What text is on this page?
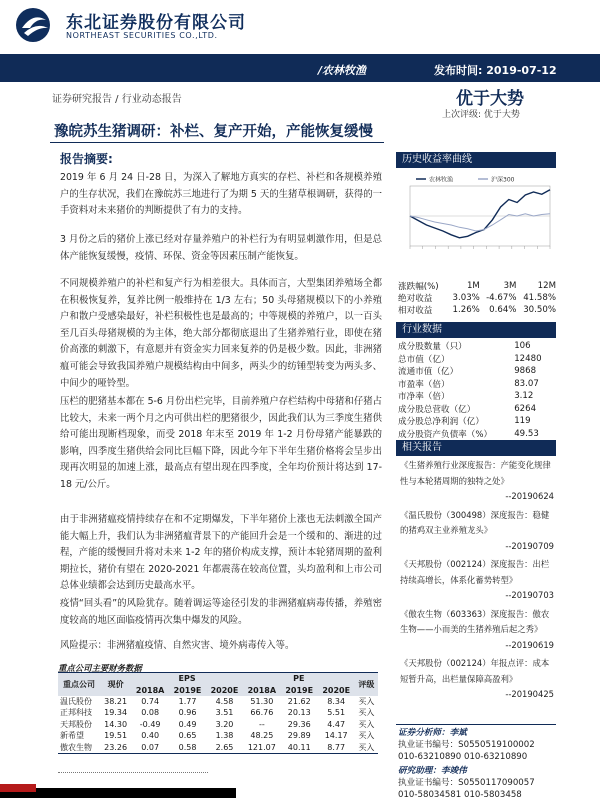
东北证券股份有限公司
NORTHEAST SECURITIES CO.,LTD.
/农林牧渔	发布时间: 2019-07-12
证券研究报告 / 行业动态报告	优于大势
上次评级: 优于大势
豫皖苏生猪调研：补栏、复产开始，产能恢复缓慢
报告摘要:

2019 年 6 月 24 日-28 日，为深入了解地方真实的存栏、补栏和各规模养殖户的生存状况，我们在豫皖苏三地进行了为期 5 天的生猪草根调研，获得的一手资料对未来猪价的判断提供了有力的支持。

3 月份之后的猪价上涨已经对存量养殖户的补栏行为有明显刺激作用，但是总体产能恢复缓慢，疫情、环保、资金等因素压制产能恢复。

不同规模养殖户的补栏和复产行为相差很大。具体而言，大型集团养殖场全都在积极恢复养，复养比例一般维持在 1/3 左右；50 头母猪规模以下的小养殖户和散户受感染最好，补栏积极性也是最高的；中等规模的养殖户，以一百头至几百头母猪规模的为主体，绝大部分都彻底退出了生猪养殖行业，即使在猪价高涨的刺激下，有意愿并有资金实力回来复养的仍是极少数。因此，非洲猪瘟可能会导致我国养殖户规模结构由中间多，两头少的纺锤型转变为两头多、中间少的哑铃型。

压栏的肥猪基本都在 5-6 月份出栏完毕，目前养殖户存栏结构中母猪和仔猪占比较大，未来一两个月之内可供出栏的肥猪很少，因此我们认为三季度生猪供给可能出现断档现象，而受 2018 年末至 2019 年 1-2 月份母猪产能暴跌的影响，四季度生猪供给会同比巨幅下降，因此今年下半年生猪价格将会呈步出现再次明显的加速上涨，最高点有望出现在四季度，全年均价预计将达到 17-18 元/公斤。

由于非洲猪瘟疫情持续存在和不定期爆发，下半年猪价上涨也无法刺激全国产能大幅上升，我们认为非洲猪瘟背景下的产能回升会是一个缓和的、渐进的过程，产能的缓慢回升将对未来 1-2 年的猪价构成支撑，预计本轮猪周期的盈利期拉长，猪价有望在 2020-2021 年都震荡在较高位置，头均盈利和上市公司总体业绩都会达到历史最高水平。

疫情“回头看”的风险犹存。随着调运等途径引发的非洲猪瘟病毒传播，养殖密度较高的地区面临疫情再次集中爆发的风险。

风险提示：非洲猪瘟疫情、自然灾害、境外病毒传入等。

历史收益率曲线
农林牧渔	沪深300
涨跌幅(%)	1M	3M	12M
绝对收益	3.03%	-4.67%	41.58%
相对收益	1.26%	0.64%	30.50%
行业数据
成分股数量（只）	106
总市值（亿）	12480
流通市值（亿）	9868
市盈率（倍）	83.07
市净率（倍）	3.12
成分股总营收（亿）	6264
成分股总净利润（亿）	119
成分股资产负债率（%）	49.53
相关报告
《生猪养殖行业深度报告：产能变化规律性与本轮猪周期的独特之处》
--20190624
《温氏股份（300498）深度报告：稳健的猪鸡双主业养殖龙头》
--20190709
《天邦股份（002124）深度报告：出栏持续高增长，体系化蓄势转型》
--20190703
《傲农生物（603363）深度报告：傲农生物——小而美的生猪养殖后起之秀》
--20190619
《天邦股份（002124）年报点评：成本短暂升高，出栏量保障高盈利》
--20190425
证券分析师：李斌
执业证书编号：S0550519100002
010-63210890 010-63210890
研究助理：李竣伟
执业证书编号：S0550117090057
010-58034581 010-5803458
重点公司主要财务数据
重点公司	现价	EPS			PE			评级
		2018A	2019E	2020E	2018A	2019E	2020E	
温氏股份	38.21	0.74	1.77	4.58	51.30	21.62	8.34	买入
正邦科技	19.34	0.08	0.96	3.51	66.76	20.13	5.51	买入
天邦股份	14.30	-0.49	0.49	3.20	--	29.36	4.47	买入
新希望	19.51	0.40	0.65	1.38	48.25	29.89	14.17	买入
傲农生物	23.26	0.07	0.58	2.65	121.07	40.11	8.77	买入
